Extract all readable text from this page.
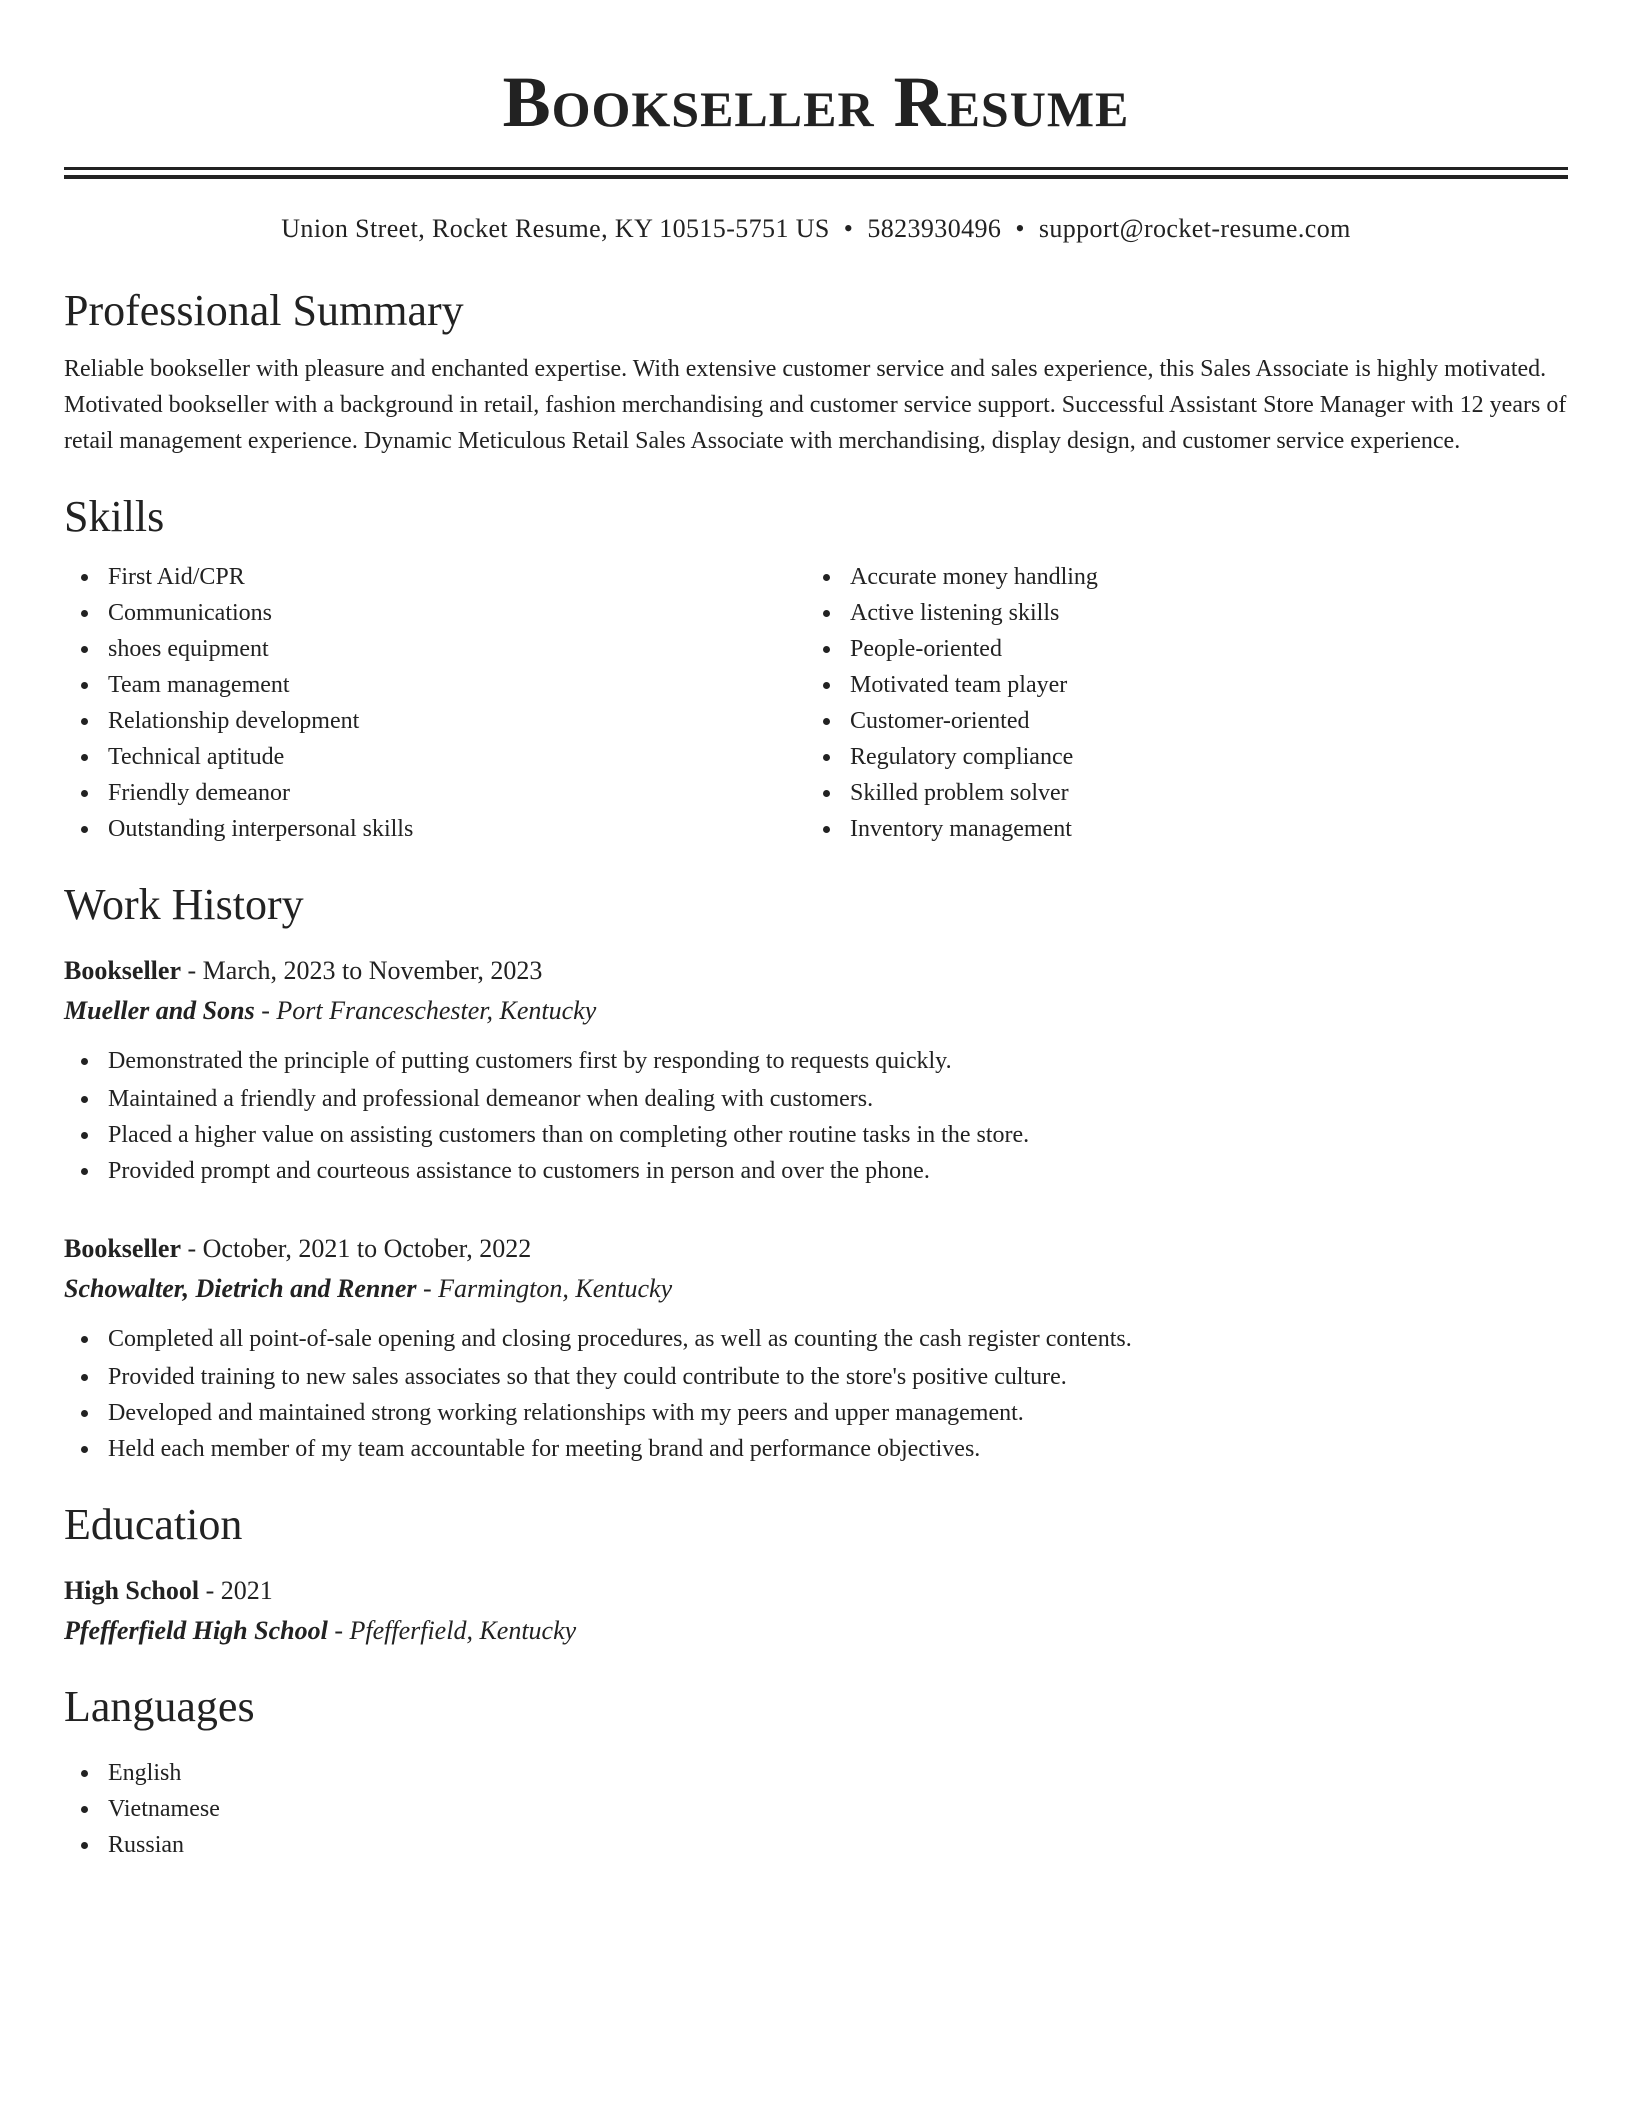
Bookseller Resume
Union Street, Rocket Resume, KY 10515-5751 US • 5823930496 • support@rocket-resume.com
Professional Summary

Reliable bookseller with pleasure and enchanted expertise. With extensive customer service and sales experience, this Sales Associate is highly motivated. Motivated bookseller with a background in retail, fashion merchandising and customer service support. Successful Assistant Store Manager with 12 years of retail management experience. Dynamic Meticulous Retail Sales Associate with merchandising, display design, and customer service experience.

Skills
First Aid/CPR
Communications
shoes equipment
Team management
Relationship development
Technical aptitude
Friendly demeanor
Outstanding interpersonal skills
Accurate money handling
Active listening skills
People-oriented
Motivated team player
Customer-oriented
Regulatory compliance
Skilled problem solver
Inventory management
Work History
Bookseller - March, 2023 to November, 2023
Mueller and Sons - Port Franceschester, Kentucky
Demonstrated the principle of putting customers first by responding to requests quickly.
Maintained a friendly and professional demeanor when dealing with customers.
Placed a higher value on assisting customers than on completing other routine tasks in the store.
Provided prompt and courteous assistance to customers in person and over the phone.
Bookseller - October, 2021 to October, 2022
Schowalter, Dietrich and Renner - Farmington, Kentucky
Completed all point-of-sale opening and closing procedures, as well as counting the cash register contents.
Provided training to new sales associates so that they could contribute to the store's positive culture.
Developed and maintained strong working relationships with my peers and upper management.
Held each member of my team accountable for meeting brand and performance objectives.
Education
High School - 2021
Pfefferfield High School - Pfefferfield, Kentucky
Languages
English
Vietnamese
Russian
